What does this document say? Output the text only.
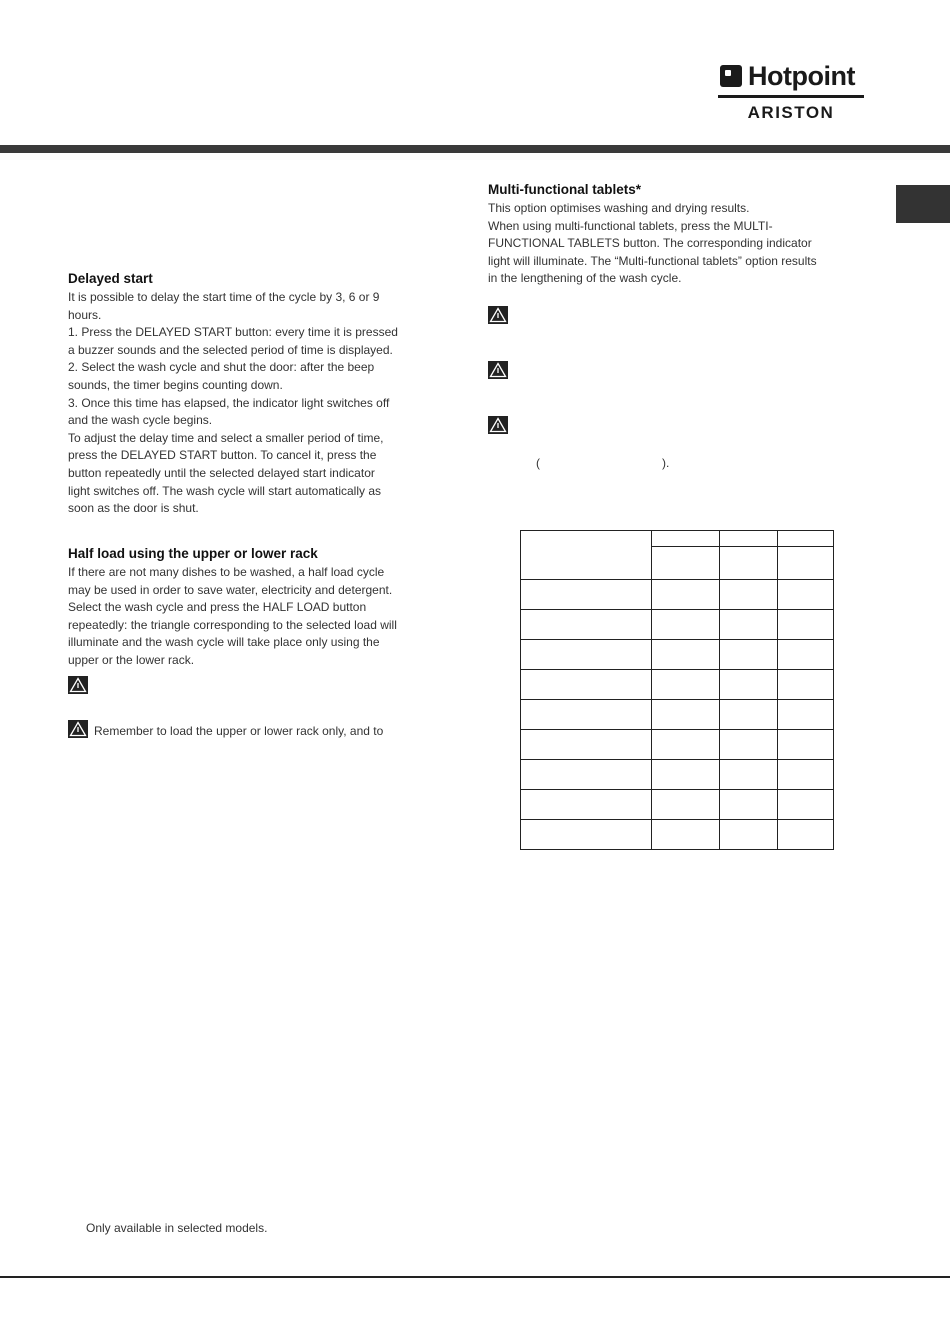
Hotpoint
ARISTON
Delayed start

It is possible to delay the start time of the cycle by 3, 6 or 9
hours.
1. Press the DELAYED START button: every time it is pressed
a buzzer sounds and the selected period of time is displayed.
2. Select the wash cycle and shut the door: after the beep
sounds, the timer begins counting down.
3. Once this time has elapsed, the indicator light switches off
and the wash cycle begins.
To adjust the delay time and select a smaller period of time,
press the DELAYED START button. To cancel it, press the
button repeatedly until the selected delayed start indicator
light switches off. The wash cycle will start automatically as
soon as the door is shut.

Half load using the upper or lower rack

If there are not many dishes to be washed, a half load cycle
may be used in order to save water, electricity and detergent.
Select the wash cycle and press the HALF LOAD button
repeatedly: the triangle corresponding to the selected load will
illuminate and the wash cycle will take place only using the
upper or the lower rack.

Remember to load the upper or lower rack only, and to
Multi-functional tablets*

This option optimises washing and drying results.
When using multi-functional tablets, press the MULTI-
FUNCTIONAL TABLETS button. The corresponding indicator
light will illuminate. The “Multi-functional tablets” option results
in the lengthening of the wash cycle.

(	).

Only available in selected models.
